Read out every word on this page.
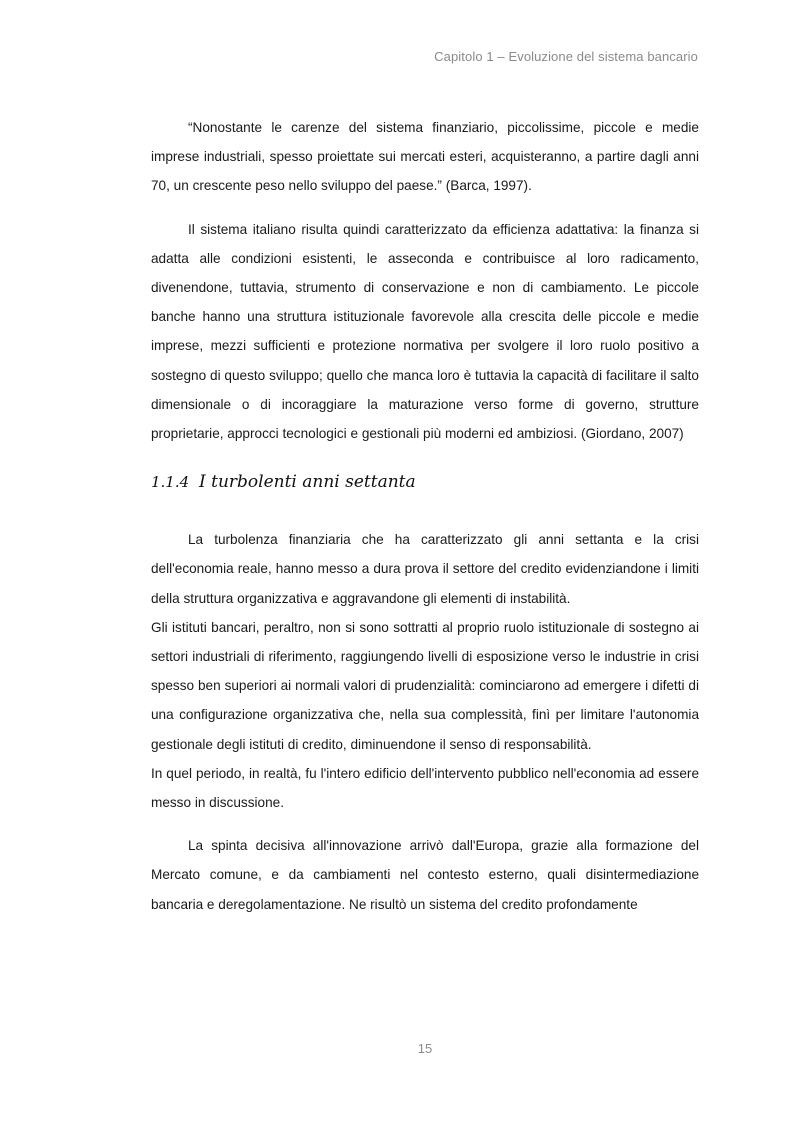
Capitolo 1 – Evoluzione del sistema bancario

“Nonostante le carenze del sistema finanziario, piccolissime, piccole e medie imprese industriali, spesso proiettate sui mercati esteri, acquisteranno, a partire dagli anni 70, un crescente peso nello sviluppo del paese.” (Barca, 1997).

Il sistema italiano risulta quindi caratterizzato da efficienza adattativa: la finanza si adatta alle condizioni esistenti, le asseconda e contribuisce al loro radicamento, divenendone, tuttavia, strumento di conservazione e non di cambiamento. Le piccole banche hanno una struttura istituzionale favorevole alla crescita delle piccole e medie imprese, mezzi sufficienti e protezione normativa per svolgere il loro ruolo positivo a sostegno di questo sviluppo; quello che manca loro è tuttavia la capacità di facilitare il salto dimensionale o di incoraggiare la maturazione verso forme di governo, strutture proprietarie, approcci tecnologici e gestionali più moderni ed ambiziosi. (Giordano, 2007)

1.1.4 I turbolenti anni settanta

La turbolenza finanziaria che ha caratterizzato gli anni settanta e la crisi dell'economia reale, hanno messo a dura prova il settore del credito evidenziandone i limiti della struttura organizzativa e aggravandone gli elementi di instabilità.

Gli istituti bancari, peraltro, non si sono sottratti al proprio ruolo istituzionale di sostegno ai settori industriali di riferimento, raggiungendo livelli di esposizione verso le industrie in crisi spesso ben superiori ai normali valori di prudenzialità: cominciarono ad emergere i difetti di una configurazione organizzativa che, nella sua complessità, finì per limitare l'autonomia gestionale degli istituti di credito, diminuendone il senso di responsabilità.

In quel periodo, in realtà, fu l'intero edificio dell'intervento pubblico nell'economia ad essere messo in discussione.

La spinta decisiva all'innovazione arrivò dall'Europa, grazie alla formazione del Mercato comune, e da cambiamenti nel contesto esterno, quali disintermediazione bancaria e deregolamentazione. Ne risultò un sistema del credito profondamente

15
